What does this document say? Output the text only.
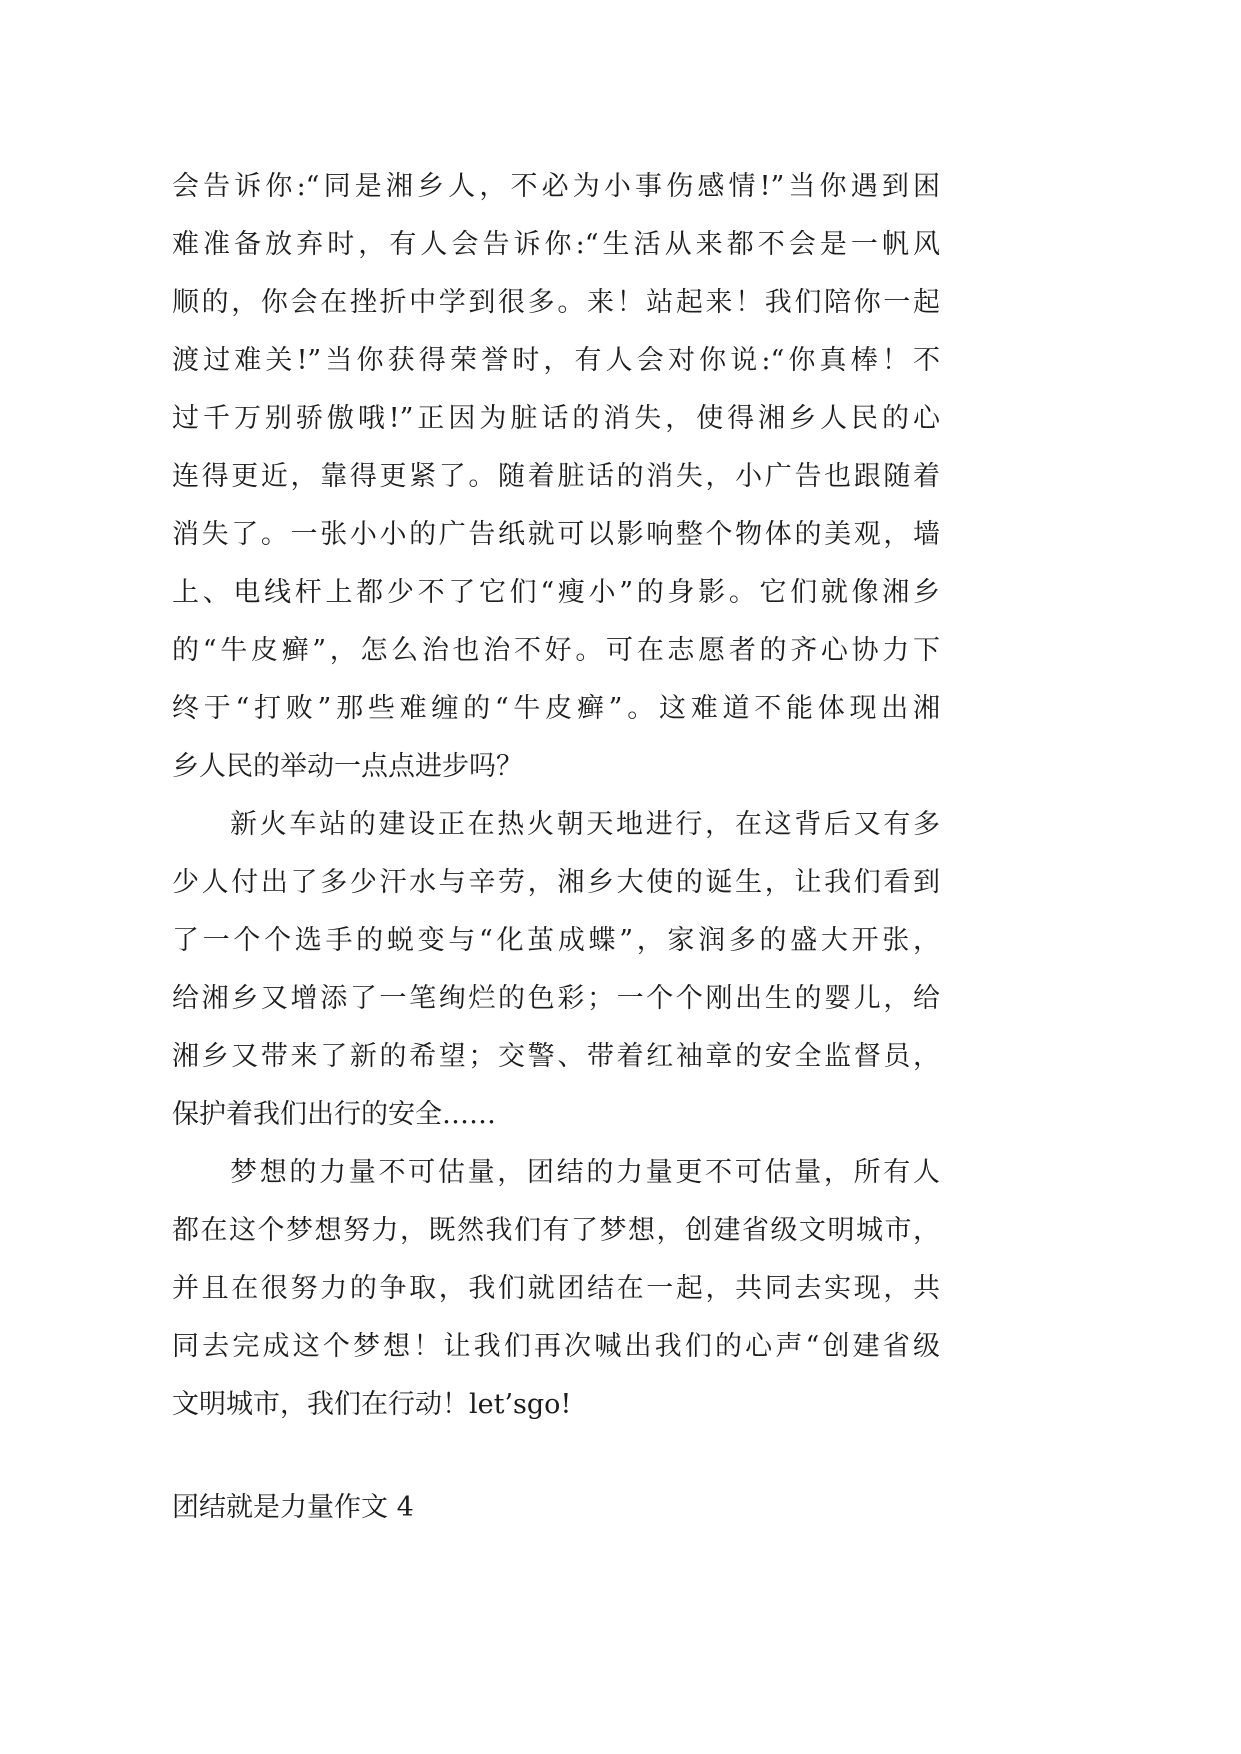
会告诉你:“同是湘乡人，不必为小事伤感情!”当你遇到困
难准备放弃时，有人会告诉你:“生活从来都不会是一帆风
顺的，你会在挫折中学到很多。来！站起来！我们陪你一起
渡过难关!”当你获得荣誉时，有人会对你说:“你真棒！不
过千万别骄傲哦!”正因为脏话的消失，使得湘乡人民的心
连得更近，靠得更紧了。随着脏话的消失，小广告也跟随着
消失了。一张小小的广告纸就可以影响整个物体的美观，墙
上、电线杆上都少不了它们“瘦小”的身影。它们就像湘乡
的“牛皮癣”，怎么治也治不好。可在志愿者的齐心协力下
终于“打败”那些难缠的“牛皮癣”。这难道不能体现出湘
乡人民的举动一点点进步吗？
新火车站的建设正在热火朝天地进行，在这背后又有多
少人付出了多少汗水与辛劳，湘乡大使的诞生，让我们看到
了一个个选手的蜕变与“化茧成蝶”，家润多的盛大开张，
给湘乡又增添了一笔绚烂的色彩；一个个刚出生的婴儿，给
湘乡又带来了新的希望；交警、带着红袖章的安全监督员，
保护着我们出行的安全……
梦想的力量不可估量，团结的力量更不可估量，所有人
都在这个梦想努力，既然我们有了梦想，创建省级文明城市，
并且在很努力的争取，我们就团结在一起，共同去实现，共
同去完成这个梦想！让我们再次喊出我们的心声“创建省级
文明城市，我们在行动！let’sgo!
团结就是力量作文 4
